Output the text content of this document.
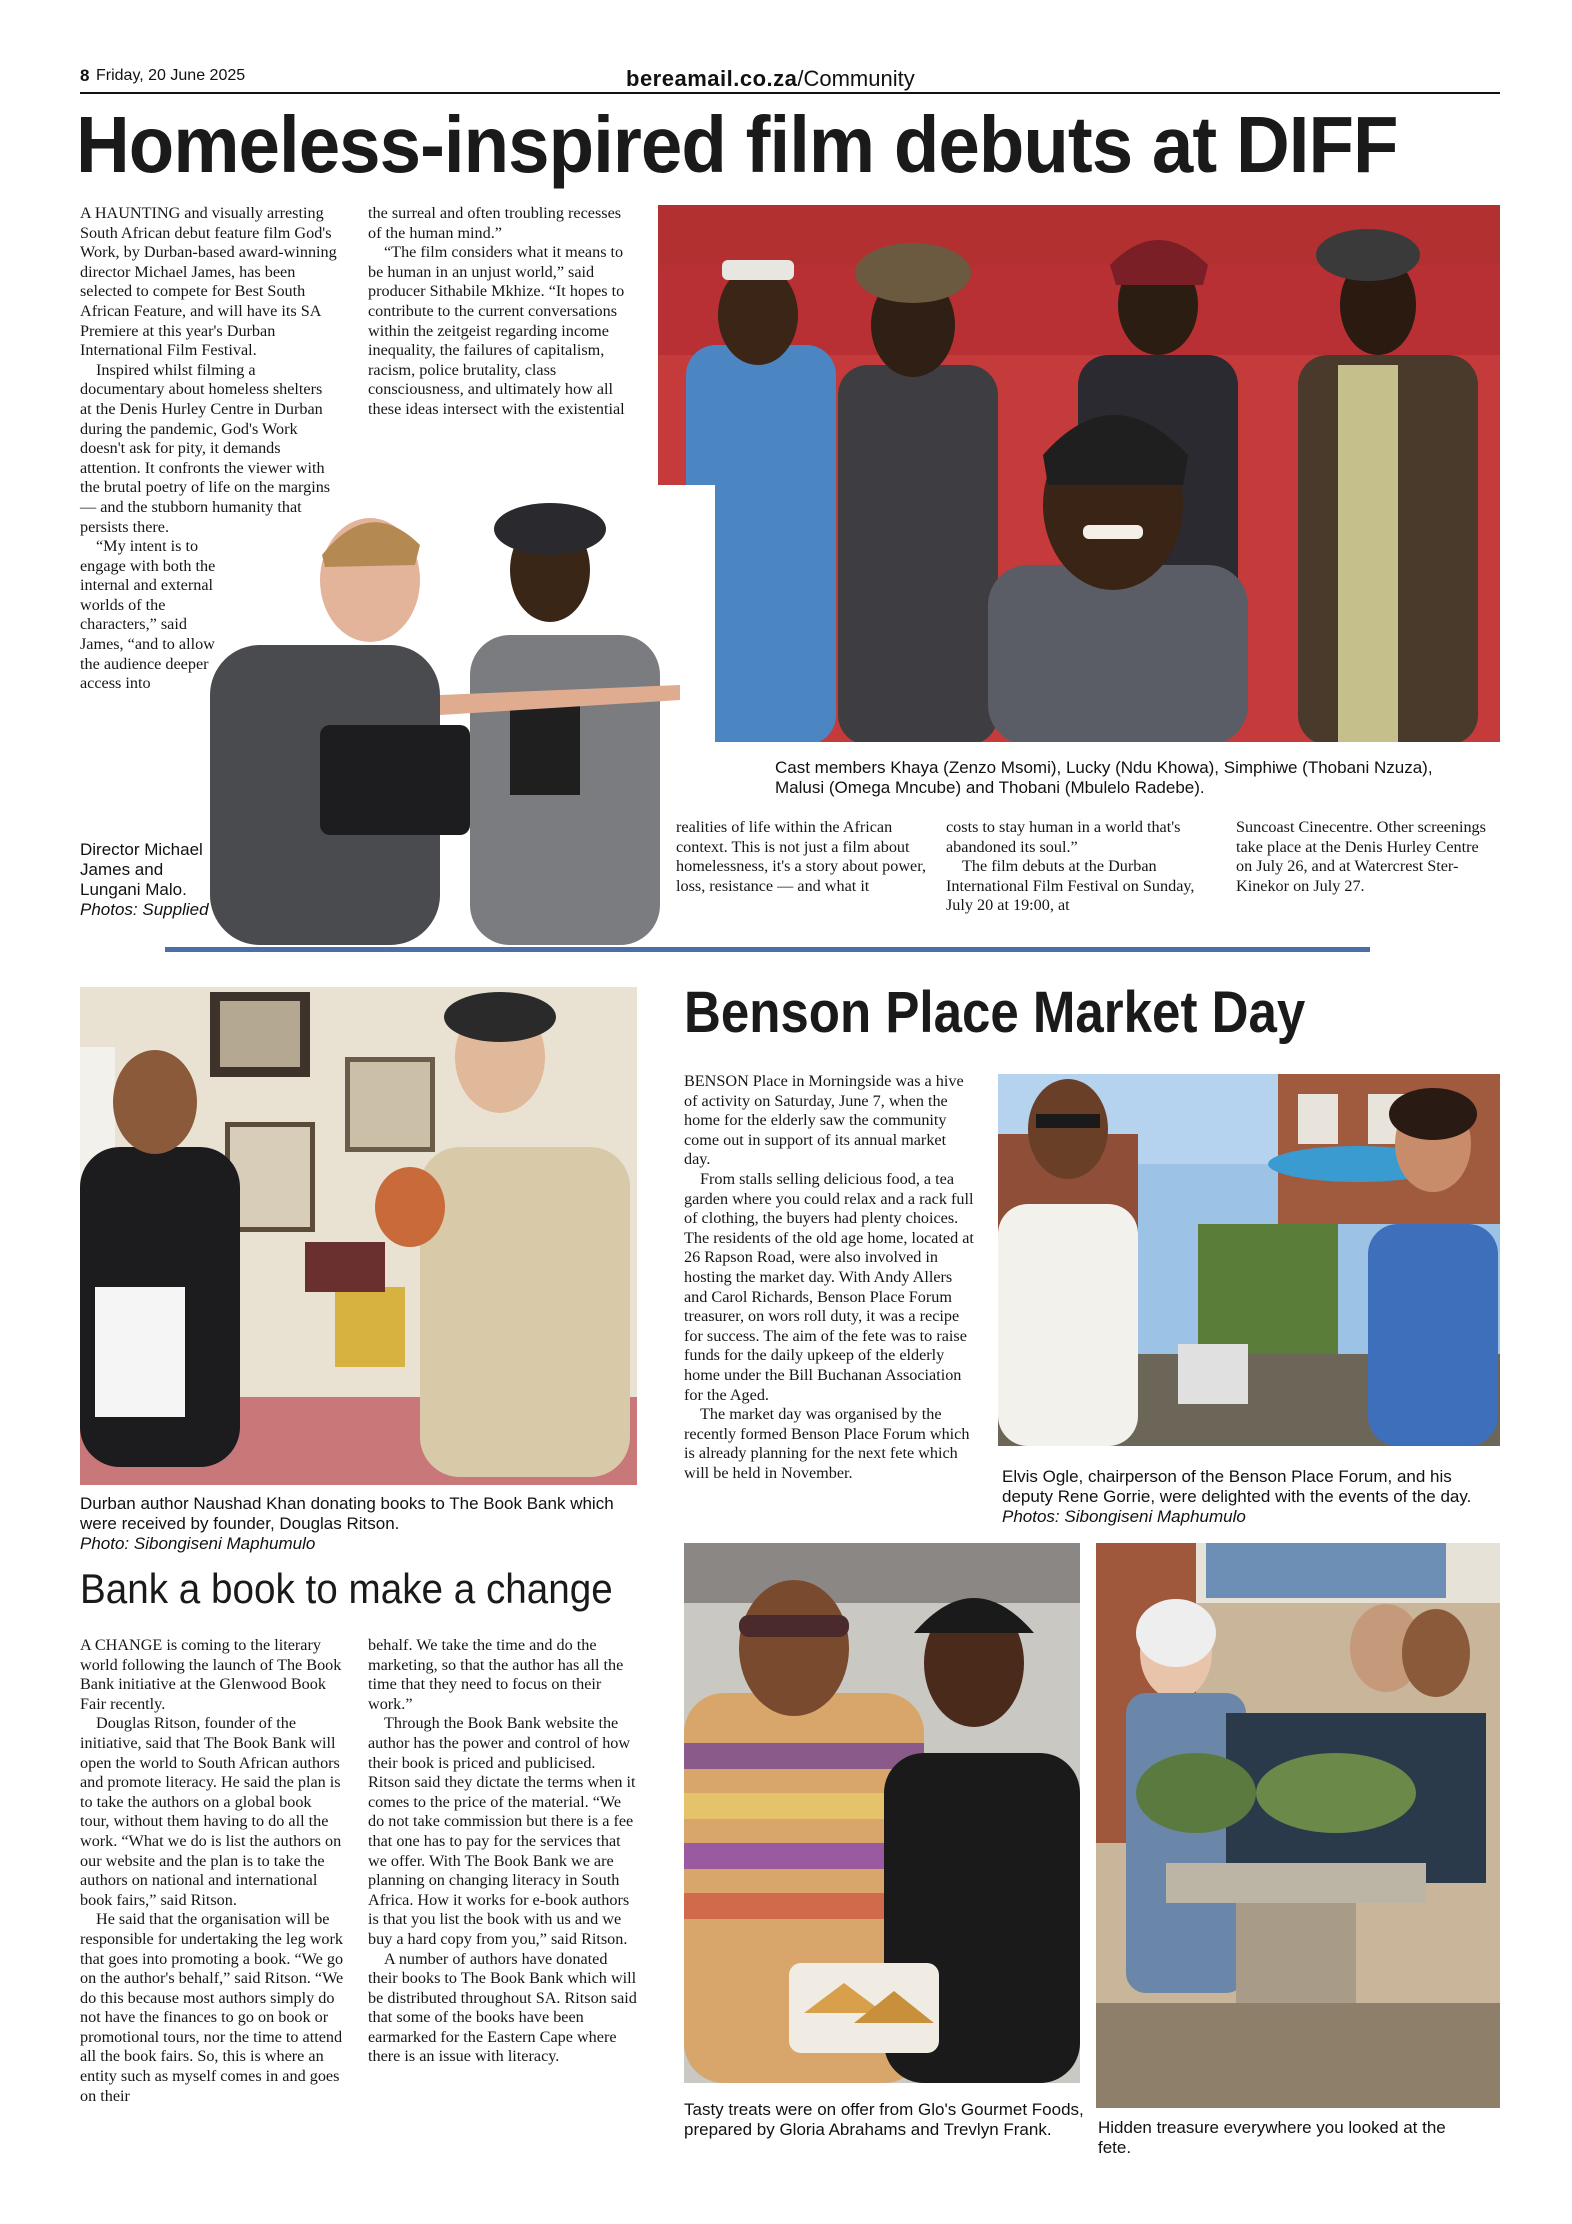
8 Friday, 20 June 2025	bereamail.co.za/Community
Homeless-inspired film debuts at DIFF

A HAUNTING and visually arresting South African debut feature film God's Work, by Durban-based award-winning director Michael James, has been selected to compete for Best South African Feature, and will have its SA Premiere at this year's Durban International Film Festival.

Inspired whilst filming a documentary about homeless shelters at the Denis Hurley Centre in Durban during the pandemic, God's Work doesn't ask for pity, it demands attention. It confronts the viewer with the brutal poetry of life on the margins — and the stubborn humanity that persists there.

“My intent is to engage with both the internal and external worlds of the characters,” said James, “and to allow the audience deeper access into

the surreal and often troubling recesses of the human mind.”

“The film considers what it means to be human in an unjust world,” said producer Sithabile Mkhize. “It hopes to contribute to the current conversations within the zeitgeist regarding income inequality, the failures of capitalism, racism, police brutality, class consciousness, and ultimately how all these ideas intersect with the existential

Cast members Khaya (Zenzo Msomi), Lucky (Ndu Khowa), Simphiwe (Thobani Nzuza), Malusi (Omega Mncube) and Thobani (Mbulelo Radebe).
Director Michael James and Lungani Malo. Photos: Supplied

realities of life within the African context. This is not just a film about homelessness, it's a story about power, loss, resistance — and what it

costs to stay human in a world that's abandoned its soul.”

The film debuts at the Durban International Film Festival on Sunday, July 20 at 19:00, at

Suncoast Cinecentre. Other screenings take place at the Denis Hurley Centre on July 26, and at Watercrest Ster-Kinekor on July 27.

Durban author Naushad Khan donating books to The Book Bank which were received by founder, Douglas Ritson.
Photo: Sibongiseni Maphumulo
Bank a book to make a change

A CHANGE is coming to the literary world following the launch of The Book Bank initiative at the Glenwood Book Fair recently.

Douglas Ritson, founder of the initiative, said that The Book Bank will open the world to South African authors and promote literacy. He said the plan is to take the authors on a global book tour, without them having to do all the work. “What we do is list the authors on our website and the plan is to take the authors on national and international book fairs,” said Ritson.

He said that the organisation will be responsible for undertaking the leg work that goes into promoting a book. “We go on the author's behalf,” said Ritson. “We do this because most authors simply do not have the finances to go on book or promotional tours, nor the time to attend all the book fairs. So, this is where an entity such as myself comes in and goes on their

behalf. We take the time and do the marketing, so that the author has all the time that they need to focus on their work.”

Through the Book Bank website the author has the power and control of how their book is priced and publicised. Ritson said they dictate the terms when it comes to the price of the material. “We do not take commission but there is a fee that one has to pay for the services that we offer. With The Book Bank we are planning on changing literacy in South Africa. How it works for e-book authors is that you list the book with us and we buy a hard copy from you,” said Ritson.

A number of authors have donated their books to The Book Bank which will be distributed throughout SA. Ritson said that some of the books have been earmarked for the Eastern Cape where there is an issue with literacy.

Benson Place Market Day

BENSON Place in Morningside was a hive of activity on Saturday, June 7, when the home for the elderly saw the community come out in support of its annual market day.

From stalls selling delicious food, a tea garden where you could relax and a rack full of clothing, the buyers had plenty choices. The residents of the old age home, located at 26 Rapson Road, were also involved in hosting the market day. With Andy Allers and Carol Richards, Benson Place Forum treasurer, on wors roll duty, it was a recipe for success. The aim of the fete was to raise funds for the daily upkeep of the elderly home under the Bill Buchanan Association for the Aged.

The market day was organised by the recently formed Benson Place Forum which is already planning for the next fete which will be held in November.	Elvis Ogle, chairperson of the Benson Place Forum, and his deputy Rene Gorrie, were delighted with the events of the day. Photos: Sibongiseni Maphumulo
Tasty treats were on offer from Glo's Gourmet Foods, prepared by Gloria Abrahams and Trevlyn Frank.	Hidden treasure everywhere you looked at the fete.
